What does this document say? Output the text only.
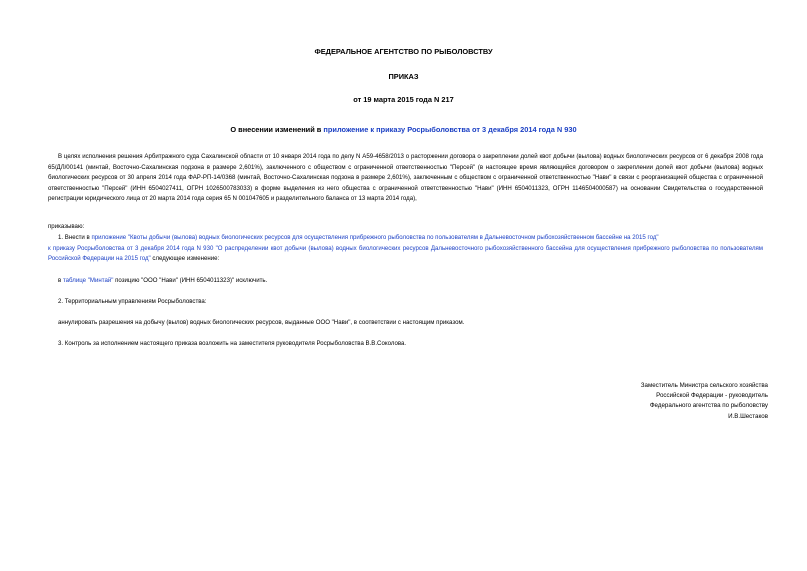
ФЕДЕРАЛЬНОЕ АГЕНТСТВО ПО РЫБОЛОВСТВУ
ПРИКАЗ
от 19 марта 2015 года N 217
О внесении изменений в приложение к приказу Росрыболовства от 3 декабря 2014 года N 930
В целях исполнения решения Арбитражного суда Сахалинской области от 10 января 2014 года по делу N А59-4658/2013 о расторжении договора о закреплении долей квот добычи (вылова) водных биологических ресурсов от 6 декабря 2008 года 65/ДЛ/00141 (минтай, Восточно-Сахалинская подзона в размере 2,601%), заключенного с обществом с ограниченной ответственностью "Персей" (в настоящее время являющийся договором о закреплении долей квот добычи (вылова) водных биологических ресурсов от 30 апреля 2014 года ФАР-РП-14/0368 (минтай, Восточно-Сахалинская подзона в размере 2,601%), заключенным с обществом с ограниченной ответственностью "Нави" в связи с реорганизацией общества с ограниченной ответственностью "Персей" (ИНН 6504027411, ОГРН 1026500783033) в форме выделения из него общества с ограниченной ответственностью "Нави" (ИНН 6504011323, ОГРН 1146504000587) на основании Свидетельства о государственной регистрации юридического лица от 20 марта 2014 года серия 65 N 001047605 и разделительного баланса от 13 марта 2014 года),
приказываю:
1. Внести в приложение "Квоты добычи (вылова) водных биологических ресурсов для осуществления прибрежного рыболовства по пользователям в Дальневосточном рыбохозяйственном бассейне на 2015 год"
к приказу Росрыболовства от 3 декабря 2014 года N 930 "О распределении квот добычи (вылова) водных биологических ресурсов Дальневосточного рыбохозяйственного бассейна для осуществления прибрежного рыболовства по пользователям Российской Федерации на 2015 год" следующее изменение:
в таблице "Минтай" позицию "ООО "Нави" (ИНН 6504011323)" исключить.
2. Территориальным управлениям Росрыболовства:
аннулировать разрешения на добычу (вылов) водных биологических ресурсов, выданные ООО "Нави", в соответствии с настоящим приказом.
3. Контроль за исполнением настоящего приказа возложить на заместителя руководителя Росрыболовства В.В.Соколова.
Заместитель Министра сельского хозяйства
Российской Федерации - руководитель
Федерального агентства по рыболовству
И.В.Шестаков
